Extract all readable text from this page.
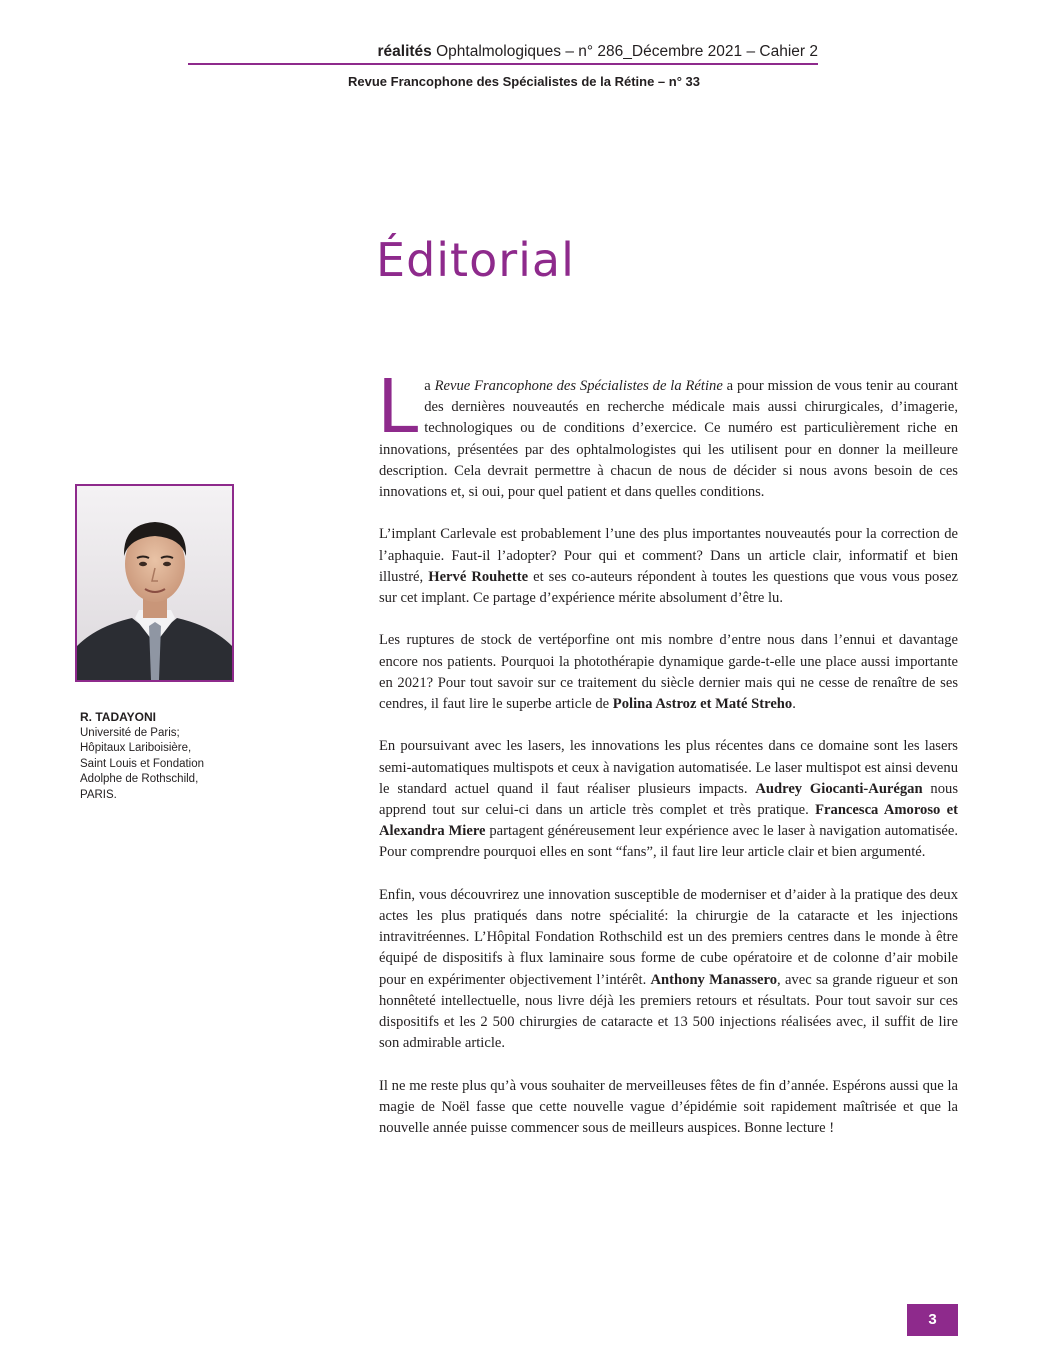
réalités Ophtalmologiques – n° 286_Décembre 2021 – Cahier 2
Revue Francophone des Spécialistes de la Rétine – n° 33
Éditorial
R. TADAYONI
Université de Paris;
Hôpitaux Lariboisière,
Saint Louis et Fondation
Adolphe de Rothschild,
PARIS.

La Revue Francophone des Spécialistes de la Rétine a pour mission de vous tenir au courant des dernières nouveautés en recherche médicale mais aussi chirurgicales, d’imagerie, technologiques ou de conditions d’exercice. Ce numéro est particulièrement riche en innovations, présentées par des ophtalmologistes qui les utilisent pour en donner la meilleure description. Cela devrait permettre à chacun de nous de décider si nous avons besoin de ces innovations et, si oui, pour quel patient et dans quelles conditions.

L’implant Carlevale est probablement l’une des plus importantes nouveautés pour la correction de l’aphaquie. Faut-il l’adopter? Pour qui et comment? Dans un article clair, informatif et bien illustré, Hervé Rouhette et ses co-auteurs répondent à toutes les questions que vous vous posez sur cet implant. Ce partage d’expérience mérite absolument d’être lu.

Les ruptures de stock de vertéporfine ont mis nombre d’entre nous dans l’ennui et davantage encore nos patients. Pourquoi la photothérapie dynamique garde-t-elle une place aussi importante en 2021? Pour tout savoir sur ce traitement du siècle dernier mais qui ne cesse de renaître de ses cendres, il faut lire le superbe article de Polina Astroz et Maté Streho.

En poursuivant avec les lasers, les innovations les plus récentes dans ce domaine sont les lasers semi-automatiques multispots et ceux à navigation automatisée. Le laser multispot est ainsi devenu le standard actuel quand il faut réaliser plusieurs impacts. Audrey Giocanti-Aurégan nous apprend tout sur celui-ci dans un article très complet et très pratique. Francesca Amoroso et Alexandra Miere partagent généreusement leur expérience avec le laser à navigation automatisée. Pour comprendre pourquoi elles en sont “fans”, il faut lire leur article clair et bien argumenté.

Enfin, vous découvrirez une innovation susceptible de moderniser et d’aider à la pratique des deux actes les plus pratiqués dans notre spécialité: la chirurgie de la cataracte et les injections intravitréennes. L’Hôpital Fondation Rothschild est un des premiers centres dans le monde à être équipé de dispositifs à flux laminaire sous forme de cube opératoire et de colonne d’air mobile pour en expérimenter objectivement l’intérêt. Anthony Manassero, avec sa grande rigueur et son honnêteté intellectuelle, nous livre déjà les premiers retours et résultats. Pour tout savoir sur ces dispositifs et les 2 500 chirurgies de cataracte et 13 500 injections réalisées avec, il suffit de lire son admirable article.

Il ne me reste plus qu’à vous souhaiter de merveilleuses fêtes de fin d’année. Espérons aussi que la magie de Noël fasse que cette nouvelle vague d’épidémie soit rapidement maîtrisée et que la nouvelle année puisse commencer sous de meilleurs auspices. Bonne lecture !

3
